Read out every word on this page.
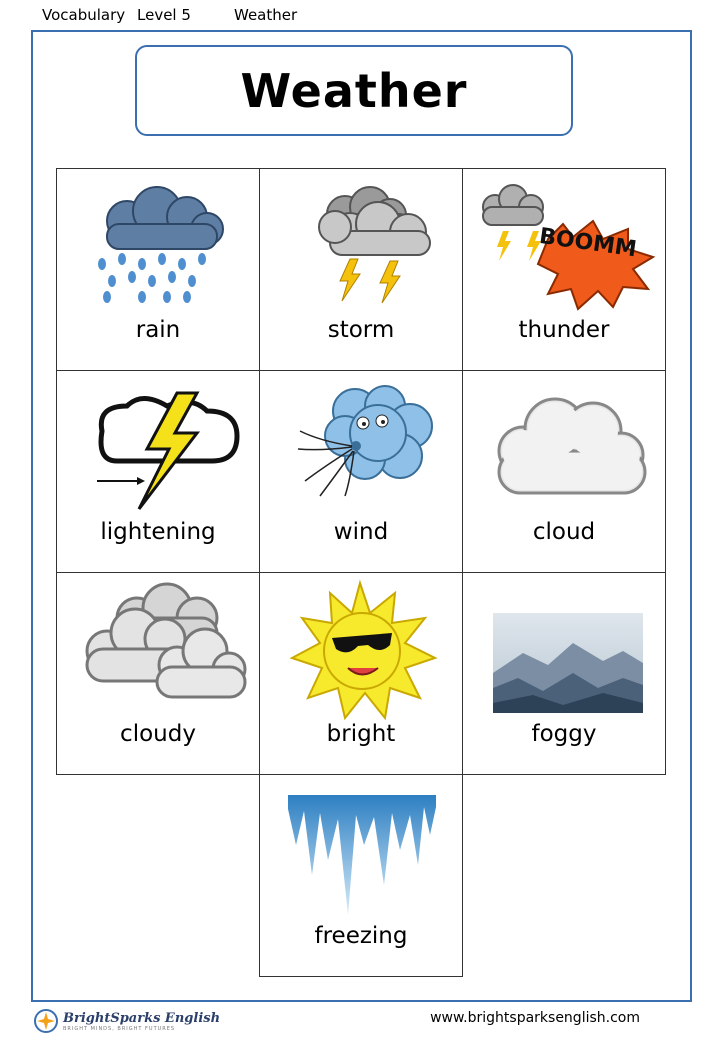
Vocabulary Level 5	Weather
Weather
rain	storm
BOOMM
thunder
lightening	wind	cloud
cloudy	bright	foggy
freezing
BrightSparks English
BRIGHT MINDS, BRIGHT FUTURES
www.brightsparksenglish.com
